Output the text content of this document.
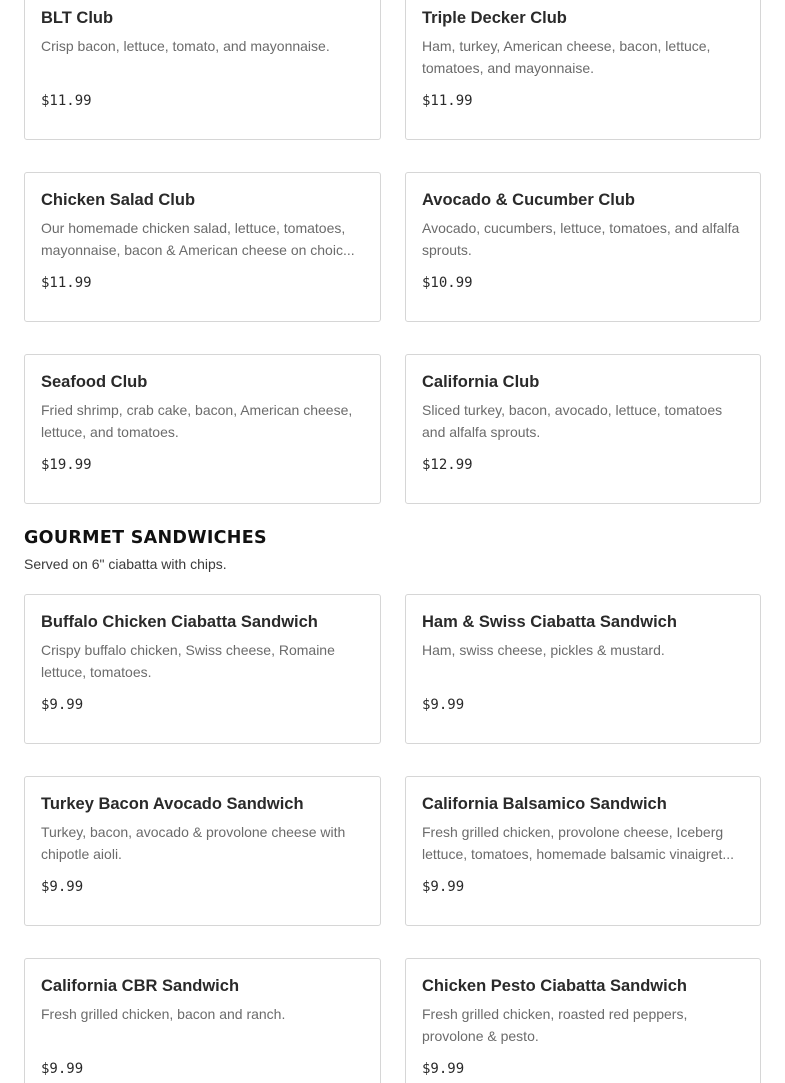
BLT Club
Crisp bacon, lettuce, tomato, and mayonnaise.
$11.99
Triple Decker Club
Ham, turkey, American cheese, bacon, lettuce, tomatoes, and mayonnaise.
$11.99
Chicken Salad Club
Our homemade chicken salad, lettuce, tomatoes, mayonnaise, bacon & American cheese on choic...
$11.99
Avocado & Cucumber Club
Avocado, cucumbers, lettuce, tomatoes, and alfalfa sprouts.
$10.99
Seafood Club
Fried shrimp, crab cake, bacon, American cheese, lettuce, and tomatoes.
$19.99
California Club
Sliced turkey, bacon, avocado, lettuce, tomatoes and alfalfa sprouts.
$12.99
GOURMET SANDWICHES
Served on 6" ciabatta with chips.
Buffalo Chicken Ciabatta Sandwich
Crispy buffalo chicken, Swiss cheese, Romaine lettuce, tomatoes.
$9.99
Ham & Swiss Ciabatta Sandwich
Ham, swiss cheese, pickles & mustard.
$9.99
Turkey Bacon Avocado Sandwich
Turkey, bacon, avocado & provolone cheese with chipotle aioli.
$9.99
California Balsamico Sandwich
Fresh grilled chicken, provolone cheese, Iceberg lettuce, tomatoes, homemade balsamic vinaigret...
$9.99
California CBR Sandwich
Fresh grilled chicken, bacon and ranch.
$9.99
Chicken Pesto Ciabatta Sandwich
Fresh grilled chicken, roasted red peppers, provolone & pesto.
$9.99
